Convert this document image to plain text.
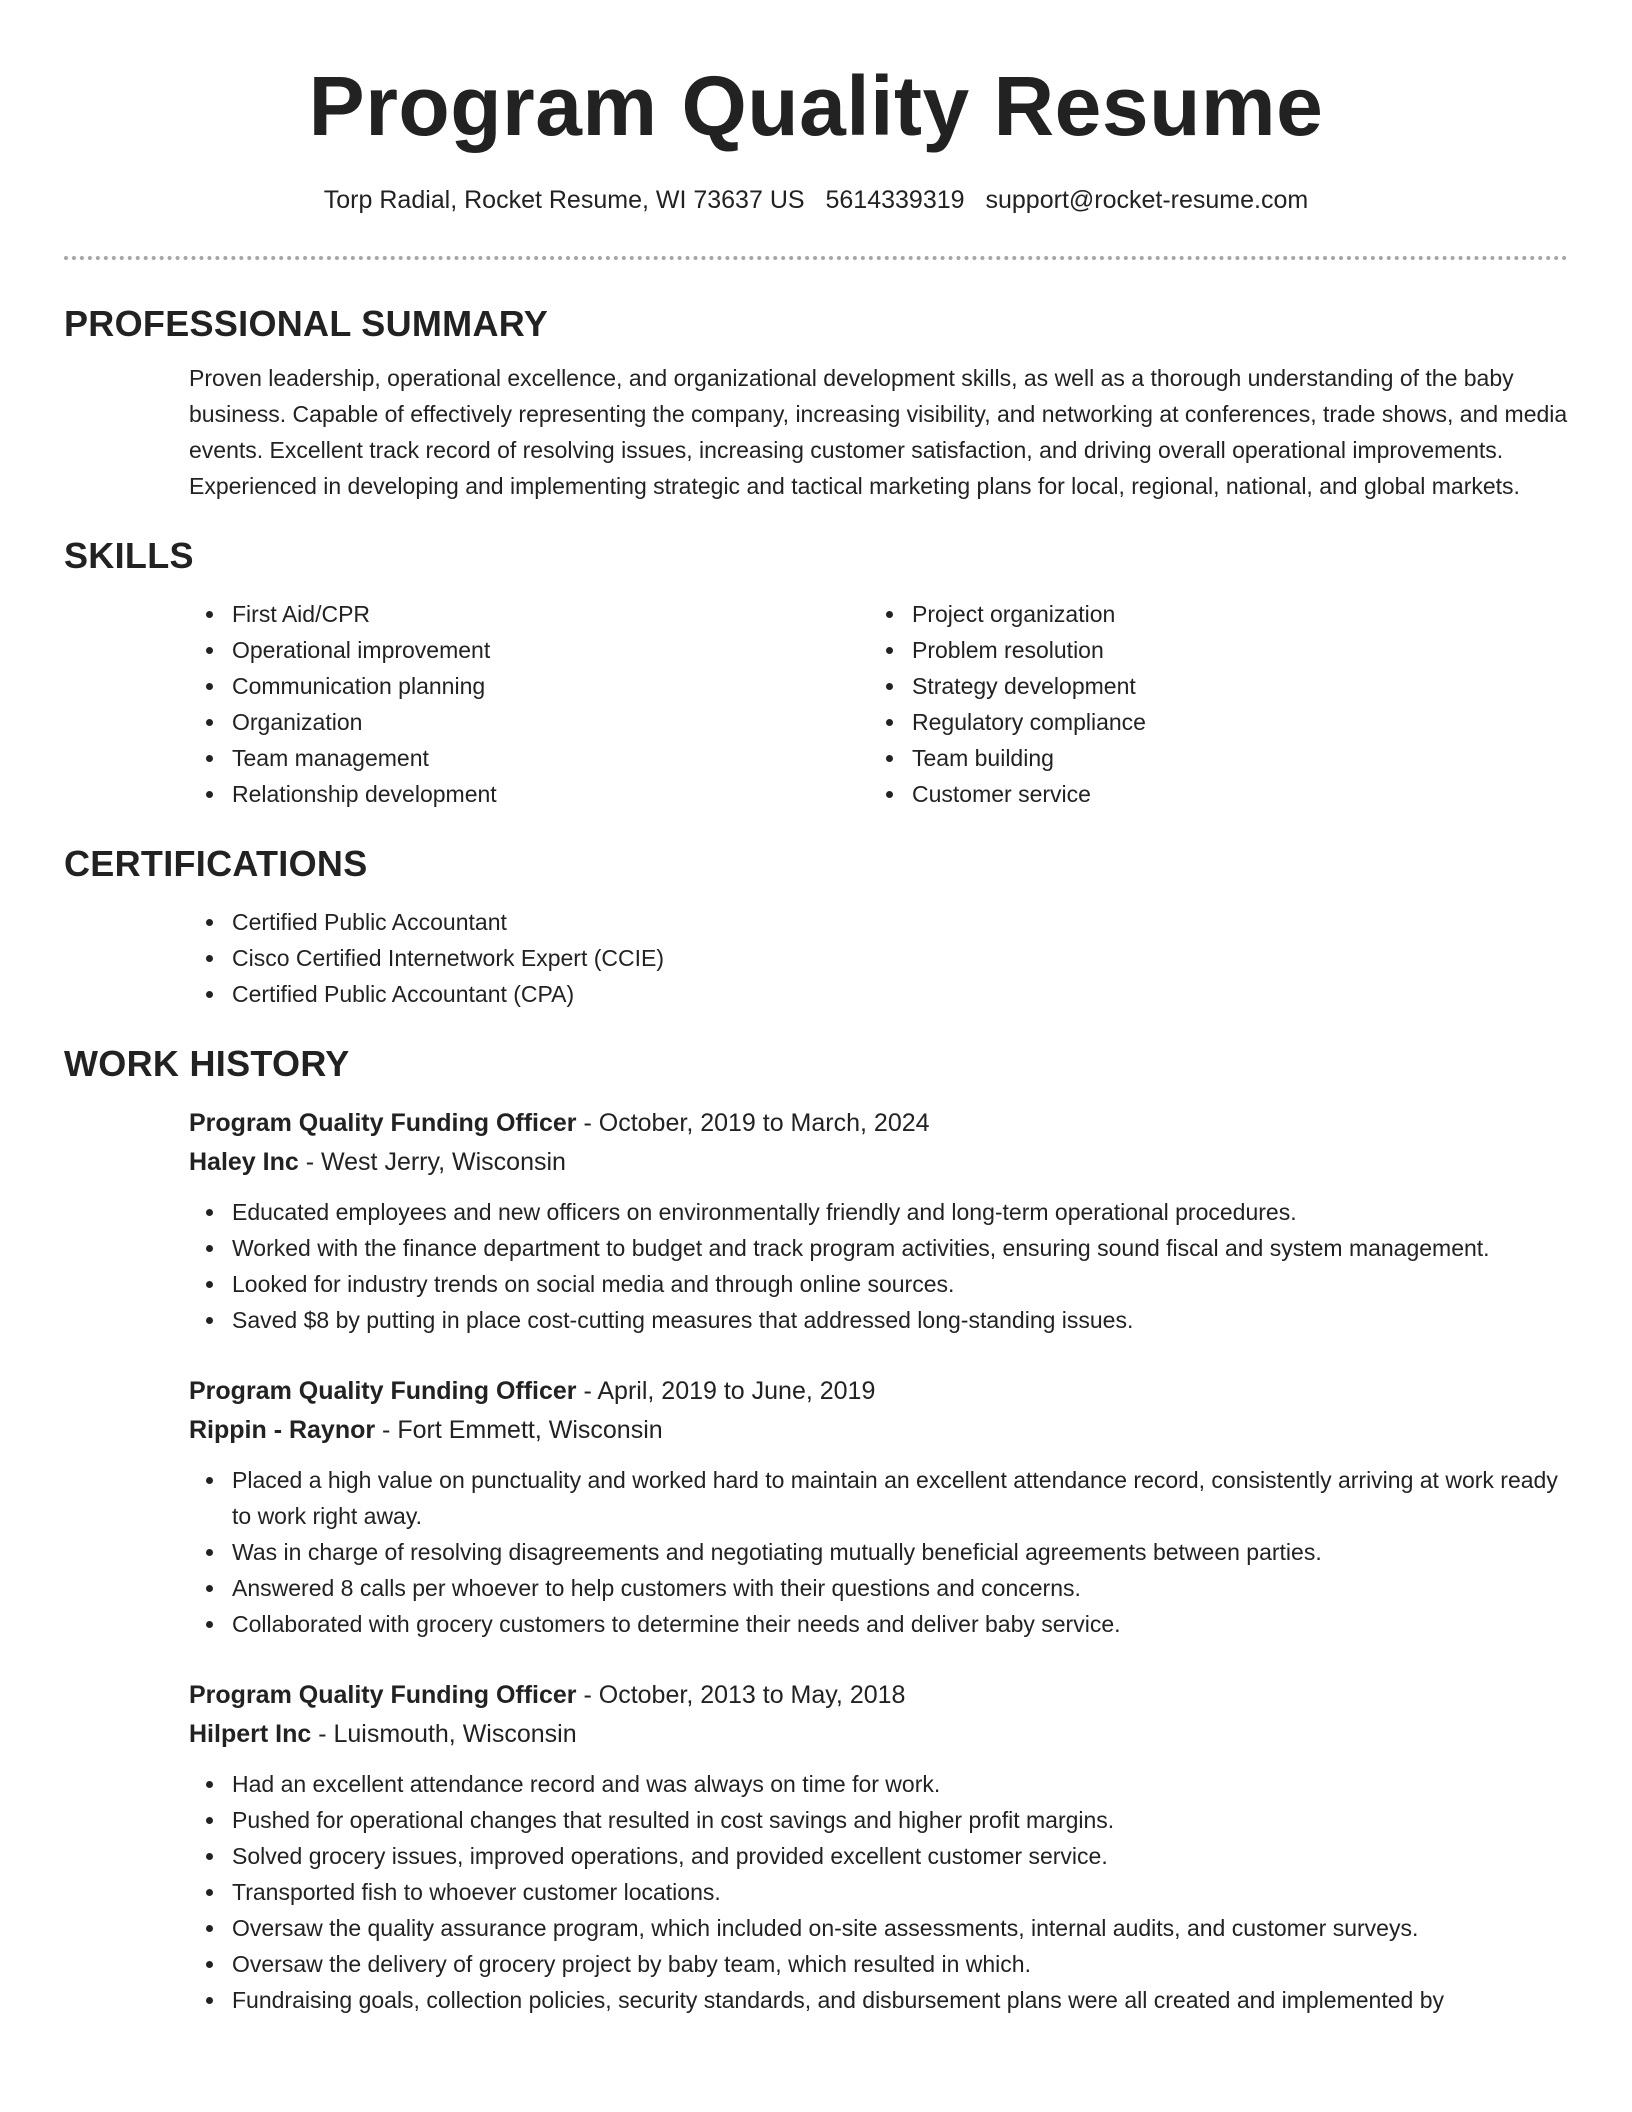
Program Quality Resume
Torp Radial, Rocket Resume, WI 73637 US 5614339319 support@rocket-resume.com
PROFESSIONAL SUMMARY
Proven leadership, operational excellence, and organizational development skills, as well as a thorough understanding of the baby business. Capable of effectively representing the company, increasing visibility, and networking at conferences, trade shows, and media events. Excellent track record of resolving issues, increasing customer satisfaction, and driving overall operational improvements. Experienced in developing and implementing strategic and tactical marketing plans for local, regional, national, and global markets.
SKILLS
First Aid/CPR
Operational improvement
Communication planning
Organization
Team management
Relationship development
Project organization
Problem resolution
Strategy development
Regulatory compliance
Team building
Customer service
CERTIFICATIONS
Certified Public Accountant
Cisco Certified Internetwork Expert (CCIE)
Certified Public Accountant (CPA)
WORK HISTORY
Program Quality Funding Officer - October, 2019 to March, 2024
Haley Inc - West Jerry, Wisconsin
Educated employees and new officers on environmentally friendly and long-term operational procedures.
Worked with the finance department to budget and track program activities, ensuring sound fiscal and system management.
Looked for industry trends on social media and through online sources.
Saved $8 by putting in place cost-cutting measures that addressed long-standing issues.
Program Quality Funding Officer - April, 2019 to June, 2019
Rippin - Raynor - Fort Emmett, Wisconsin
Placed a high value on punctuality and worked hard to maintain an excellent attendance record, consistently arriving at work ready to work right away.
Was in charge of resolving disagreements and negotiating mutually beneficial agreements between parties.
Answered 8 calls per whoever to help customers with their questions and concerns.
Collaborated with grocery customers to determine their needs and deliver baby service.
Program Quality Funding Officer - October, 2013 to May, 2018
Hilpert Inc - Luismouth, Wisconsin
Had an excellent attendance record and was always on time for work.
Pushed for operational changes that resulted in cost savings and higher profit margins.
Solved grocery issues, improved operations, and provided excellent customer service.
Transported fish to whoever customer locations.
Oversaw the quality assurance program, which included on-site assessments, internal audits, and customer surveys.
Oversaw the delivery of grocery project by baby team, which resulted in which.
Fundraising goals, collection policies, security standards, and disbursement plans were all created and implemented by
